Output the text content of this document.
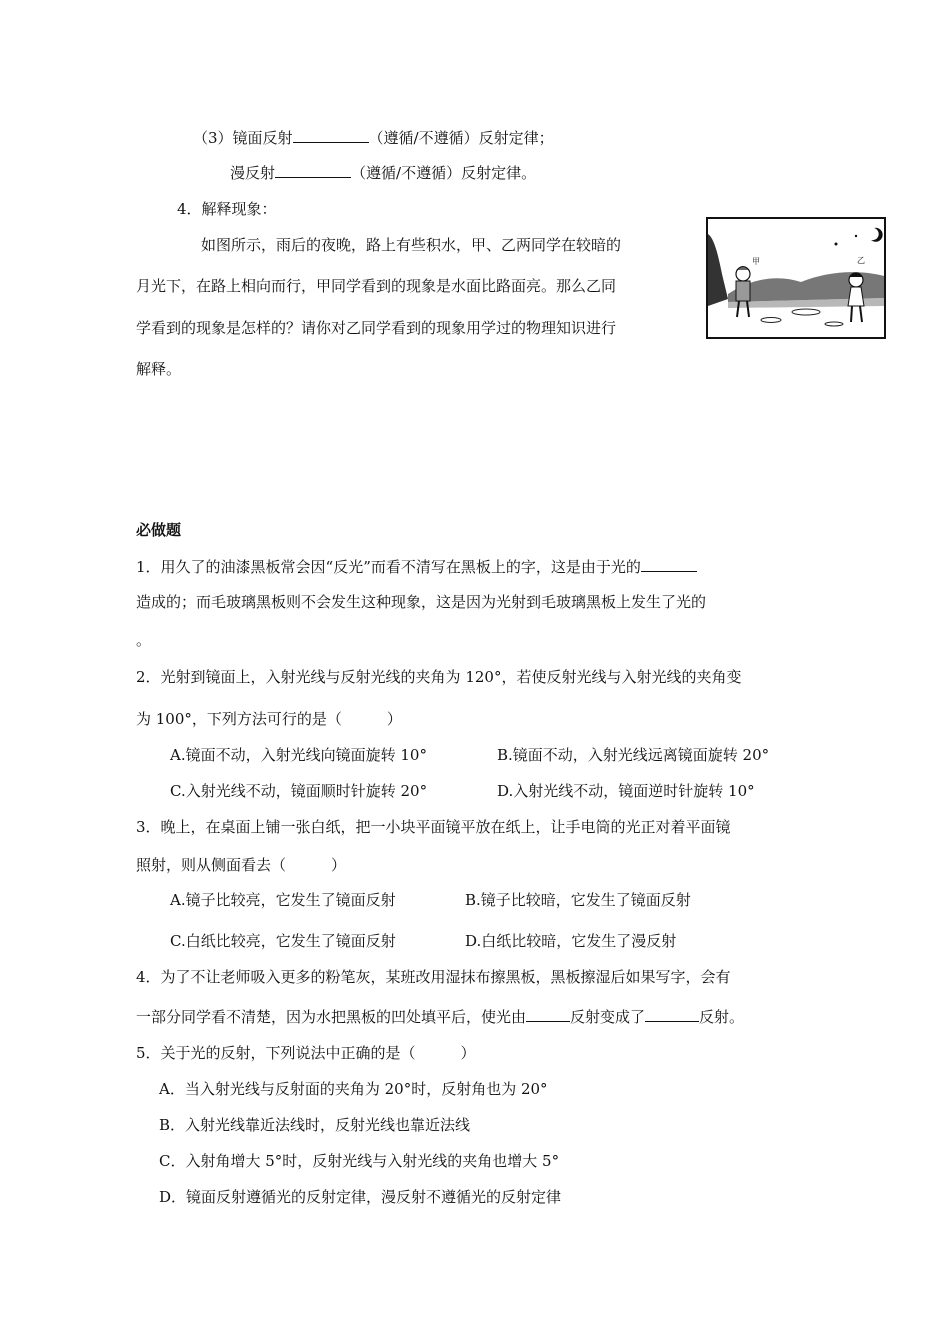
（3）镜面反射	（遵循/不遵循）反射定律；
漫反射	（遵循/不遵循）反射定律。
4．解释现象：
如图所示，雨后的夜晚，路上有些积水，甲、乙两同学在较暗的
月光下，在路上相向而行，甲同学看到的现象是水面比路面亮。那么乙同
学看到的现象是怎样的？请你对乙同学看到的现象用学过的物理知识进行
解释。
甲	乙
必做题
1．用久了的油漆黑板常会因“反光”而看不清写在黑板上的字，这是由于光的
造成的；而毛玻璃黑板则不会发生这种现象，这是因为光射到毛玻璃黑板上发生了光的
。
2．光射到镜面上，入射光线与反射光线的夹角为 120°，若使反射光线与入射光线的夹角变
为 100°，下列方法可行的是（　　　）
A.镜面不动，入射光线向镜面旋转 10°	B.镜面不动，入射光线远离镜面旋转 20°
C.入射光线不动，镜面顺时针旋转 20°	D.入射光线不动，镜面逆时针旋转 10°
3．晚上，在桌面上铺一张白纸，把一小块平面镜平放在纸上，让手电筒的光正对着平面镜
照射，则从侧面看去（　　　）
A.镜子比较亮，它发生了镜面反射	B.镜子比较暗，它发生了镜面反射
C.白纸比较亮，它发生了镜面反射	D.白纸比较暗，它发生了漫反射
4．为了不让老师吸入更多的粉笔灰，某班改用湿抹布擦黑板，黑板擦湿后如果写字，会有
一部分同学看不清楚，因为水把黑板的凹处填平后，使光由	反射变成了	反射。
5．关于光的反射，下列说法中正确的是（　　　）
A．当入射光线与反射面的夹角为 20°时，反射角也为 20°
B．入射光线靠近法线时，反射光线也靠近法线
C．入射角增大 5°时，反射光线与入射光线的夹角也增大 5°
D．镜面反射遵循光的反射定律，漫反射不遵循光的反射定律
